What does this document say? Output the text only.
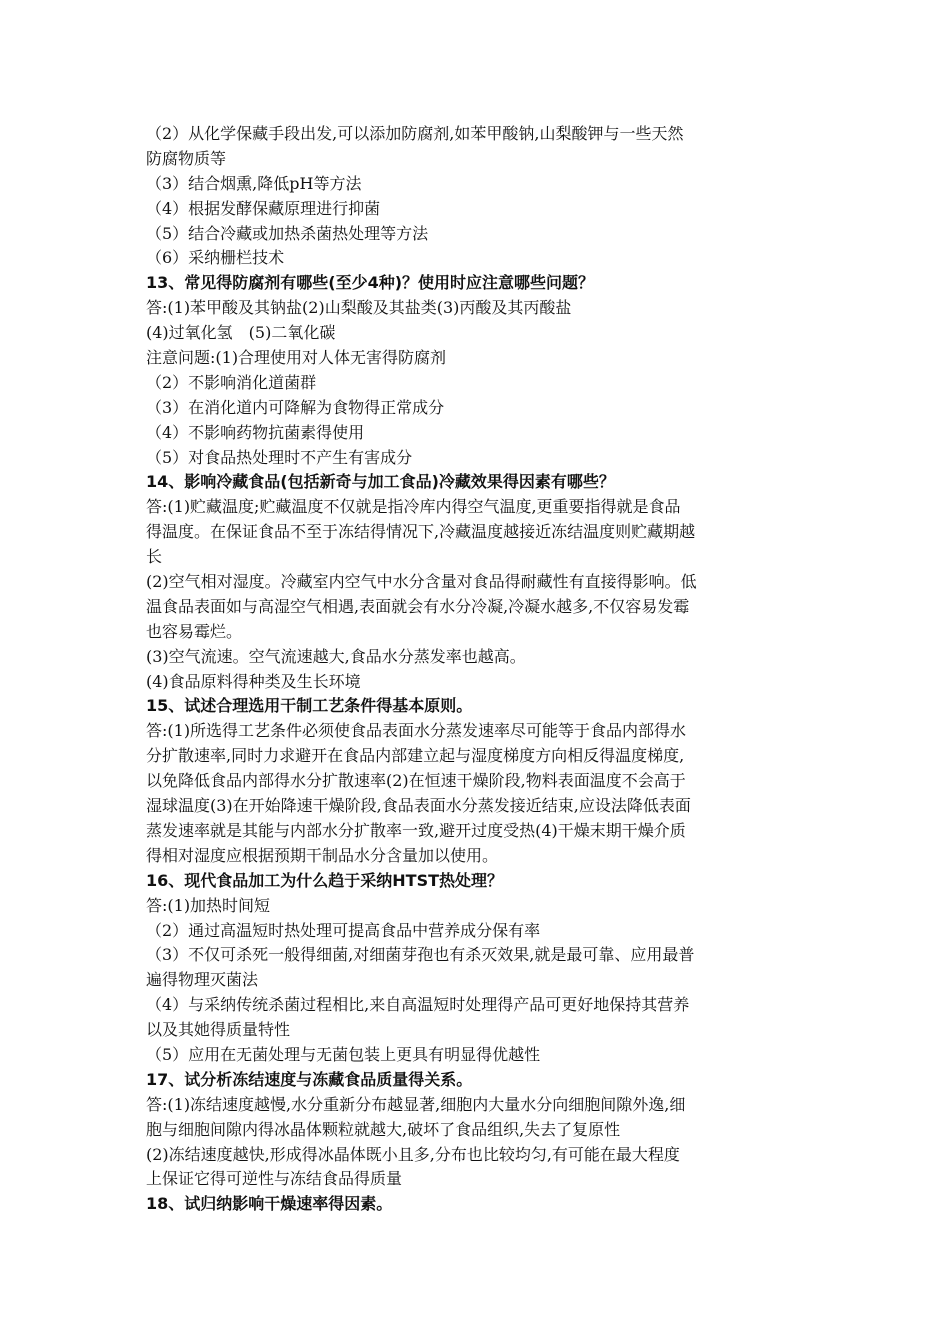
（2）从化学保藏手段出发,可以添加防腐剂,如苯甲酸钠,山梨酸钾与一些天然
防腐物质等
（3）结合烟熏,降低pH等方法
（4）根据发酵保藏原理进行抑菌
（5）结合冷藏或加热杀菌热处理等方法
（6）采纳栅栏技术
13、常见得防腐剂有哪些(至少4种)？使用时应注意哪些问题？
答:(1)苯甲酸及其钠盐(2)山梨酸及其盐类(3)丙酸及其丙酸盐
(4)过氧化氢　(5)二氧化碳
注意问题:(1)合理使用对人体无害得防腐剂
（2）不影响消化道菌群
（3）在消化道内可降解为食物得正常成分
（4）不影响药物抗菌素得使用
（5）对食品热处理时不产生有害成分
14、影响冷藏食品(包括新奇与加工食品)冷藏效果得因素有哪些？
答:(1)贮藏温度;贮藏温度不仅就是指冷库内得空气温度,更重要指得就是食品
得温度。在保证食品不至于冻结得情况下,冷藏温度越接近冻结温度则贮藏期越
长
(2)空气相对湿度。冷藏室内空气中水分含量对食品得耐藏性有直接得影响。低
温食品表面如与高湿空气相遇,表面就会有水分冷凝,冷凝水越多,不仅容易发霉
也容易霉烂。
(3)空气流速。空气流速越大,食品水分蒸发率也越高。
(4)食品原料得种类及生长环境
15、试述合理选用干制工艺条件得基本原则。
答:(1)所选得工艺条件必须使食品表面水分蒸发速率尽可能等于食品内部得水
分扩散速率,同时力求避开在食品内部建立起与湿度梯度方向相反得温度梯度,
以免降低食品内部得水分扩散速率(2)在恒速干燥阶段,物料表面温度不会高于
湿球温度(3)在开始降速干燥阶段,食品表面水分蒸发接近结束,应设法降低表面
蒸发速率就是其能与内部水分扩散率一致,避开过度受热(4)干燥末期干燥介质
得相对湿度应根据预期干制品水分含量加以使用。
16、现代食品加工为什么趋于采纳HTST热处理？
答:(1)加热时间短
（2）通过高温短时热处理可提高食品中营养成分保有率
（3）不仅可杀死一般得细菌,对细菌芽孢也有杀灭效果,就是最可靠、应用最普
遍得物理灭菌法
（4）与采纳传统杀菌过程相比,来自高温短时处理得产品可更好地保持其营养
以及其她得质量特性
（5）应用在无菌处理与无菌包装上更具有明显得优越性
17、试分析冻结速度与冻藏食品质量得关系。
答:(1)冻结速度越慢,水分重新分布越显著,细胞内大量水分向细胞间隙外逸,细
胞与细胞间隙内得冰晶体颗粒就越大,破坏了食品组织,失去了复原性
(2)冻结速度越快,形成得冰晶体既小且多,分布也比较均匀,有可能在最大程度
上保证它得可逆性与冻结食品得质量
18、试归纳影响干燥速率得因素。
